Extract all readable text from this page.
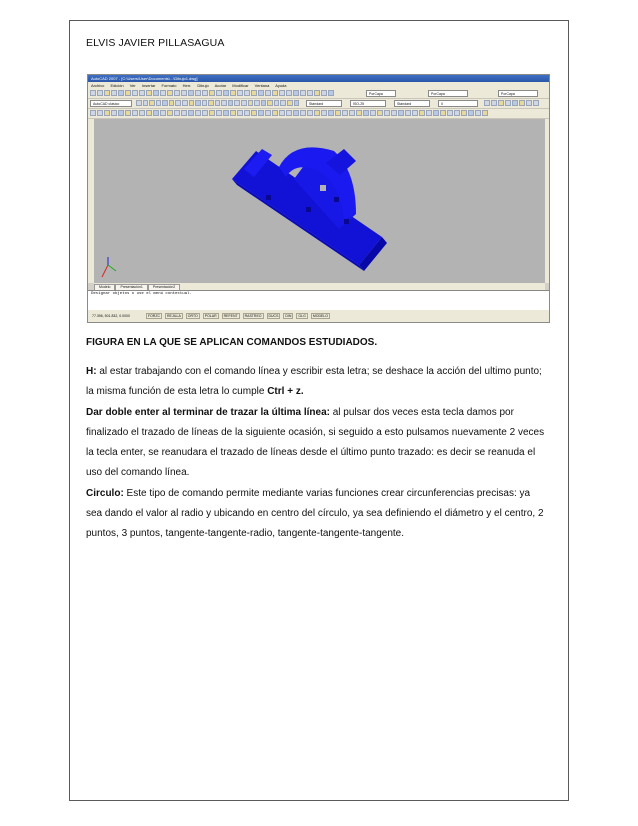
ELVIS JAVIER PILLASAGUA
AutoCAD 2007 - [C:\Users\User\Documents\...\Dibujo1.dwg]
Archivo Edición Ver Insertar Formato Herr. Dibujo Acotar Modificar Ventana Ayuda
PorCapa	PorCapa	PorCapa
AutoCAD clásico	Standard	ISO-25	Standard	0
Modelo	Presentación1	Presentación2
Designar objetos o use el menú contextual.
77.396, 501.832, 0.0000	FORZC REJILLA ORTO POLAR REFENT RASTREO DUCS DIN GLG MODELO
FIGURA EN LA QUE SE APLICAN COMANDOS ESTUDIADOS.
H: al estar trabajando con el comando línea y escribir esta letra; se deshace la acción del ultimo punto; la misma función de esta letra lo cumple Ctrl + z.
Dar doble enter al terminar de trazar la última línea: al pulsar dos veces esta tecla damos por finalizado el trazado de líneas de la siguiente ocasión, si seguido a esto pulsamos nuevamente 2 veces la tecla enter, se reanudara el trazado de líneas desde el último punto trazado: es decir se reanuda el uso del comando línea.
Circulo: Este tipo de comando permite mediante varias funciones crear circunferencias precisas: ya sea dando el valor al radio y ubicando en centro del círculo, ya sea definiendo el diámetro y el centro, 2 puntos, 3 puntos, tangente-tangente-radio, tangente-tangente-tangente.
